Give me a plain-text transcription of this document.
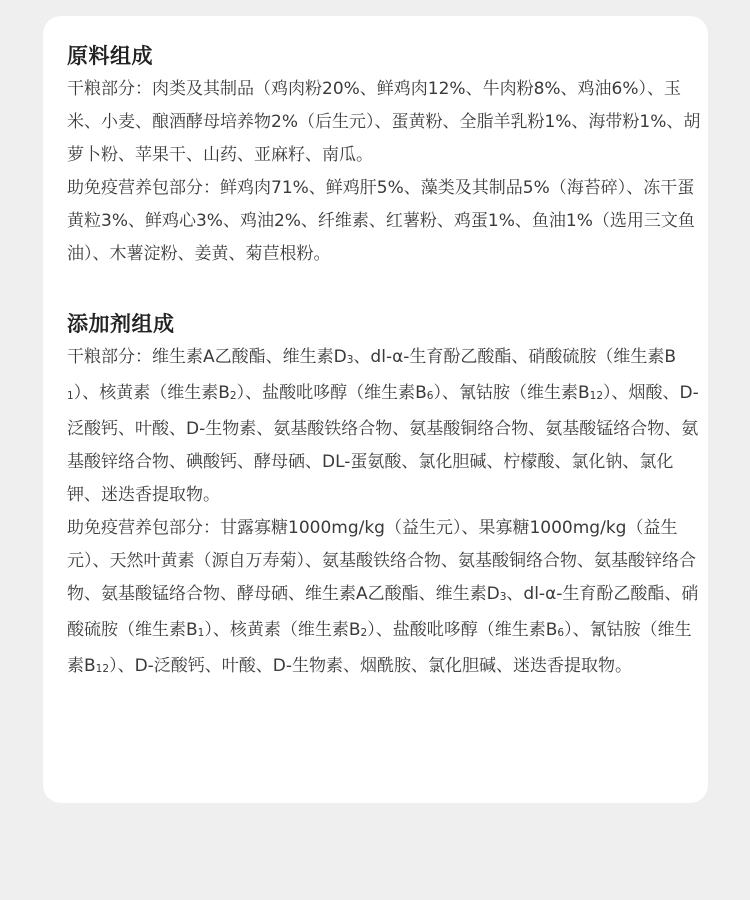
原料组成

干粮部分：肉类及其制品（鸡肉粉20%、鲜鸡肉12%、牛肉粉8%、鸡油6%）、玉米、小麦、酿酒酵母培养物2%（后生元）、蛋黄粉、全脂羊乳粉1%、海带粉1%、胡萝卜粉、苹果干、山药、亚麻籽、南瓜。

助免疫营养包部分：鲜鸡肉71%、鲜鸡肝5%、藻类及其制品5%（海苔碎）、冻干蛋黄粒3%、鲜鸡心3%、鸡油2%、纤维素、红薯粉、鸡蛋1%、鱼油1%（选用三文鱼油）、木薯淀粉、姜黄、菊苣根粉。

添加剂组成

干粮部分：维生素A乙酸酯、维生素D3、dl-α-生育酚乙酸酯、硝酸硫胺（维生素B1）、核黄素（维生素B2）、盐酸吡哆醇（维生素B6）、氰钴胺（维生素B12）、烟酸、D-泛酸钙、叶酸、D-生物素、氨基酸铁络合物、氨基酸铜络合物、氨基酸锰络合物、氨基酸锌络合物、碘酸钙、酵母硒、DL-蛋氨酸、氯化胆碱、柠檬酸、氯化钠、氯化钾、迷迭香提取物。

助免疫营养包部分：甘露寡糖1000mg/kg（益生元）、果寡糖1000mg/kg（益生元）、天然叶黄素（源自万寿菊）、氨基酸铁络合物、氨基酸铜络合物、氨基酸锌络合物、氨基酸锰络合物、酵母硒、维生素A乙酸酯、维生素D3、dl-α-生育酚乙酸酯、硝酸硫胺（维生素B1）、核黄素（维生素B2）、盐酸吡哆醇（维生素B6）、氰钴胺（维生素B12）、D-泛酸钙、叶酸、D-生物素、烟酰胺、氯化胆碱、迷迭香提取物。
